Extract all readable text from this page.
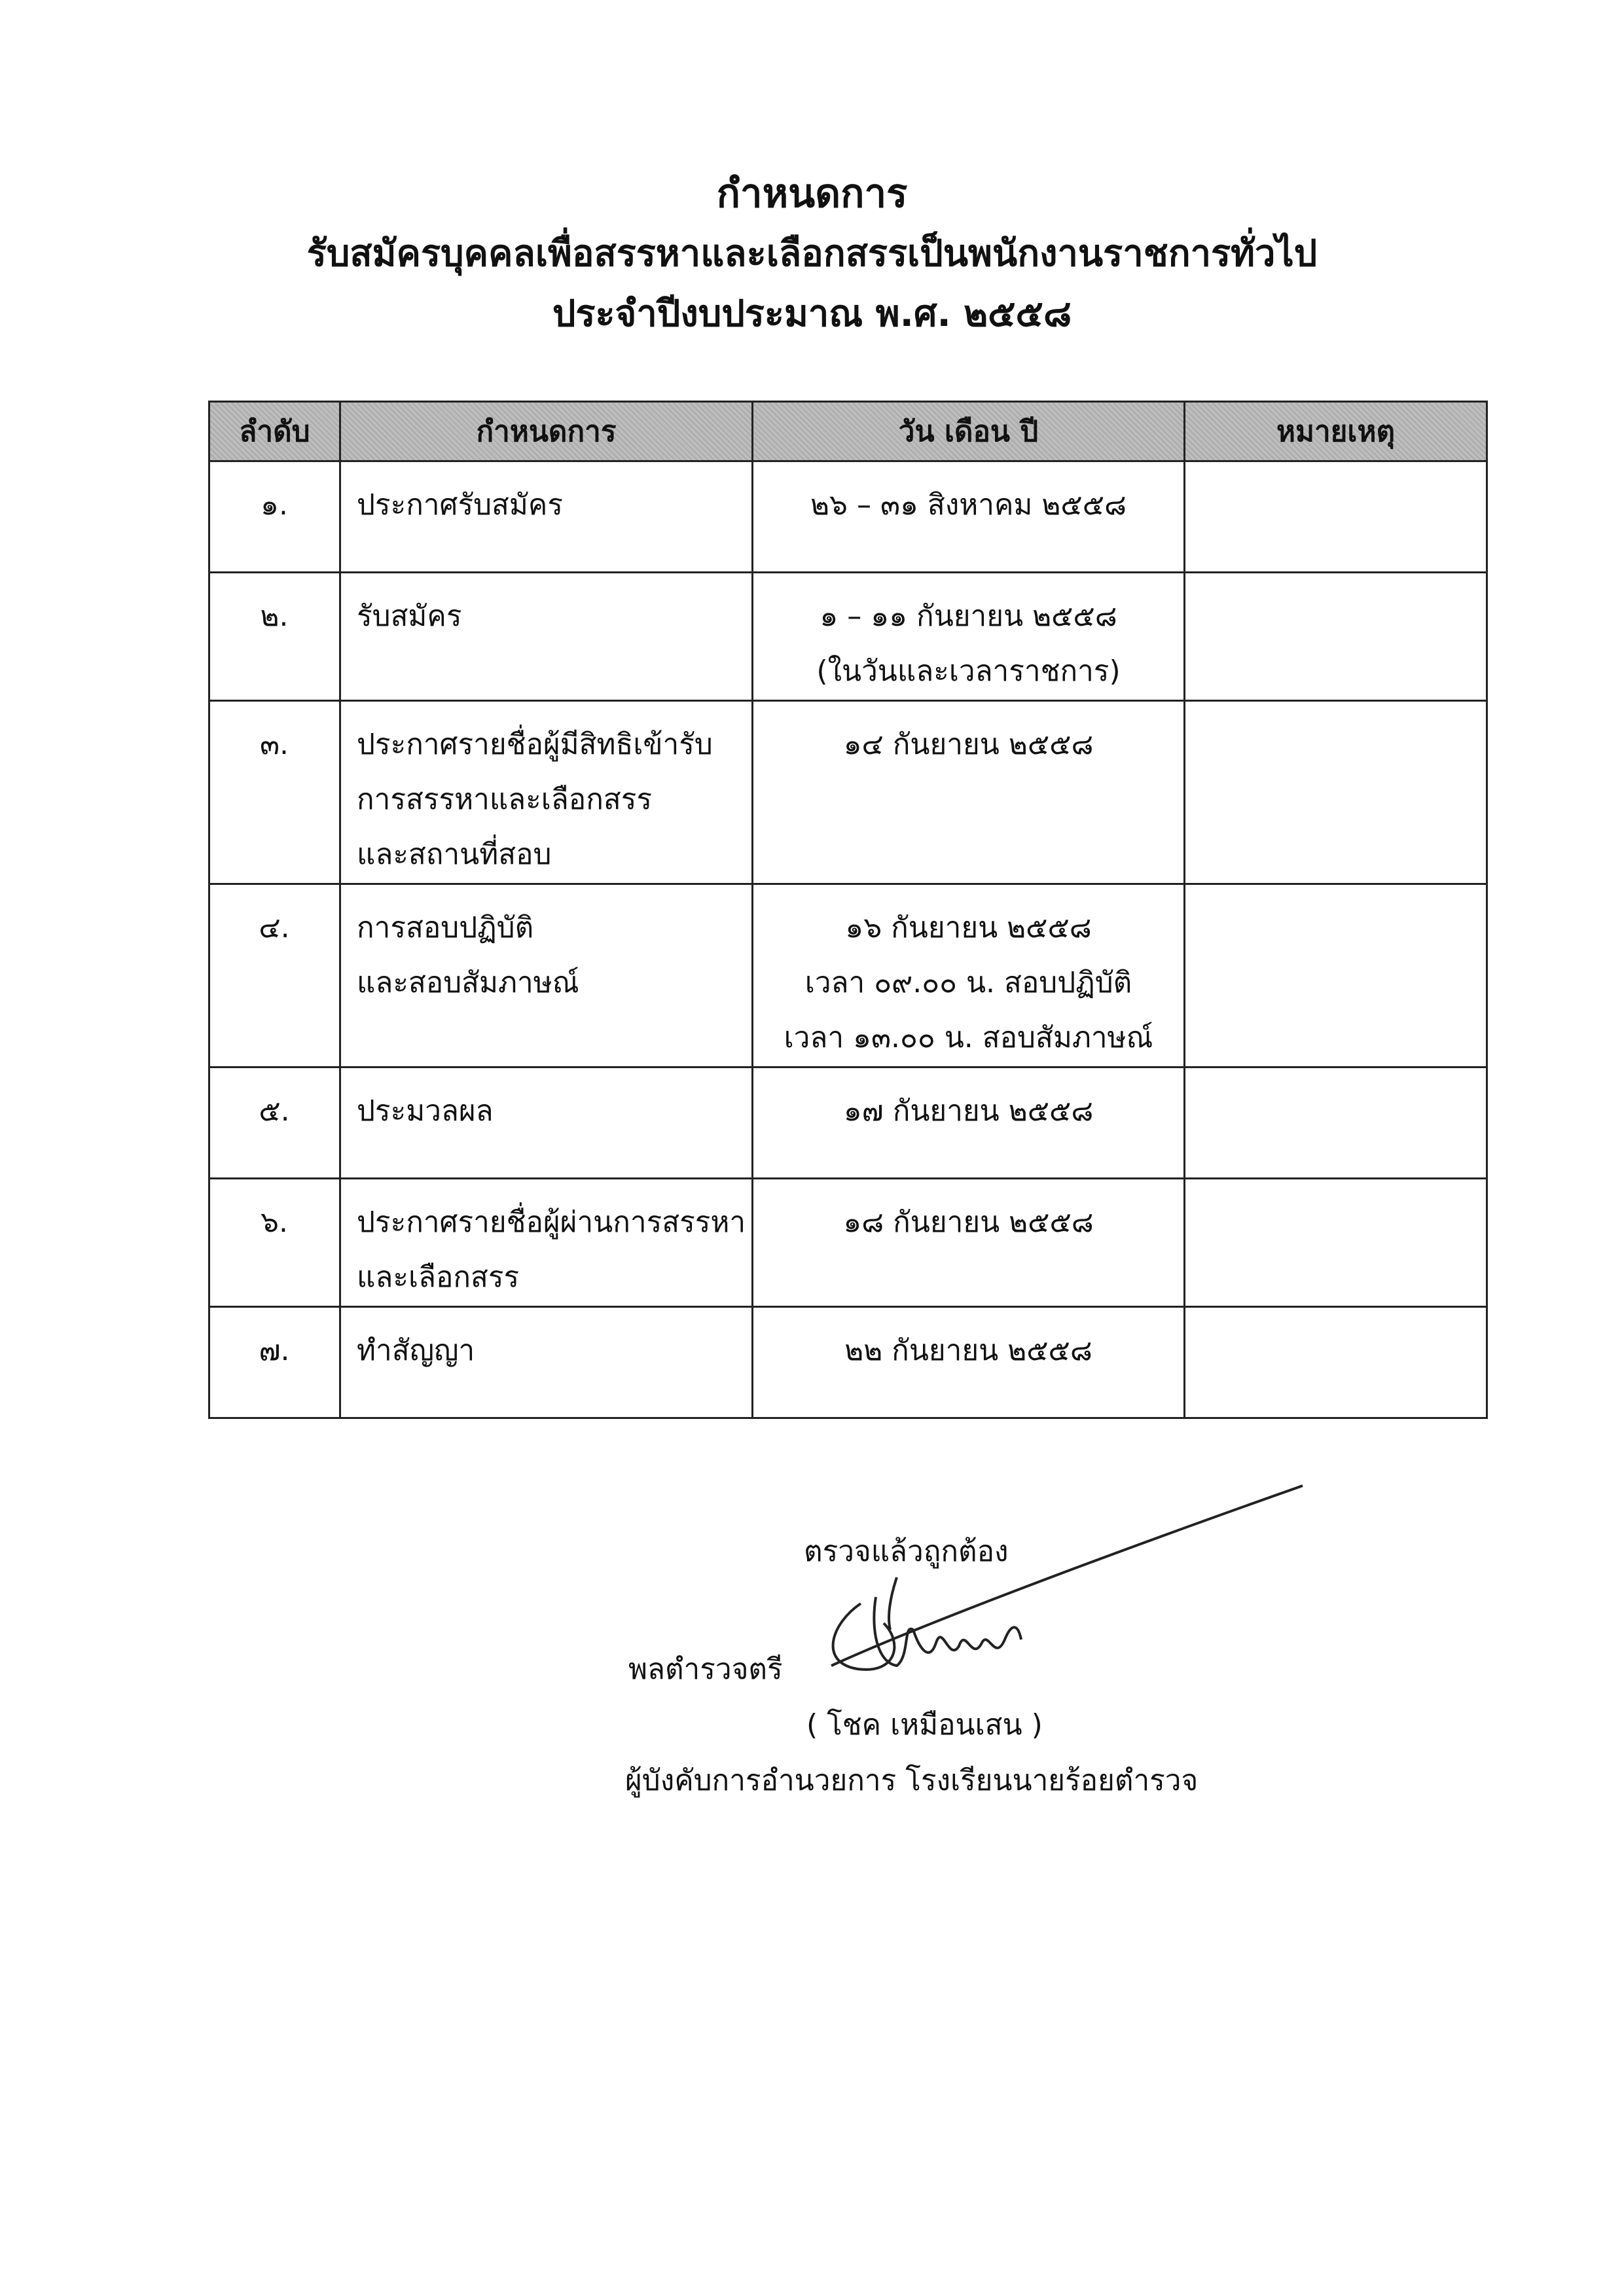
กำหนดการ
รับสมัครบุคคลเพื่อสรรหาและเลือกสรรเป็นพนักงานราชการทั่วไป
ประจำปีงบประมาณ พ.ศ. ๒๕๕๘
ลำดับ	กำหนดการ	วัน เดือน ปี	หมายเหตุ
๑.	ประกาศรับสมัคร	๒๖ – ๓๑ สิงหาคม ๒๕๕๘	

๒.	รับสมัคร	๑ – ๑๑ กันยายน ๒๕๕๘
(ในวันและเวลาราชการ)	

๓.	ประกาศรายชื่อผู้มีสิทธิเข้ารับ
การสรรหาและเลือกสรร
และสถานที่สอบ	๑๔ กันยายน ๒๕๕๘	

๔.	การสอบปฏิบัติ
และสอบสัมภาษณ์	๑๖ กันยายน ๒๕๕๘
เวลา ๐๙.๐๐ น. สอบปฏิบัติ
เวลา ๑๓.๐๐ น. สอบสัมภาษณ์	

๕.	ประมวลผล	๑๗ กันยายน ๒๕๕๘	

๖.	ประกาศรายชื่อผู้ผ่านการสรรหา
และเลือกสรร	๑๘ กันยายน ๒๕๕๘	

๗.	ทำสัญญา	๒๒ กันยายน ๒๕๕๘	

ตรวจแล้วถูกต้อง
พลตำรวจตรี
( โชค เหมือนเสน )
ผู้บังคับการอำนวยการ โรงเรียนนายร้อยตำรวจ
